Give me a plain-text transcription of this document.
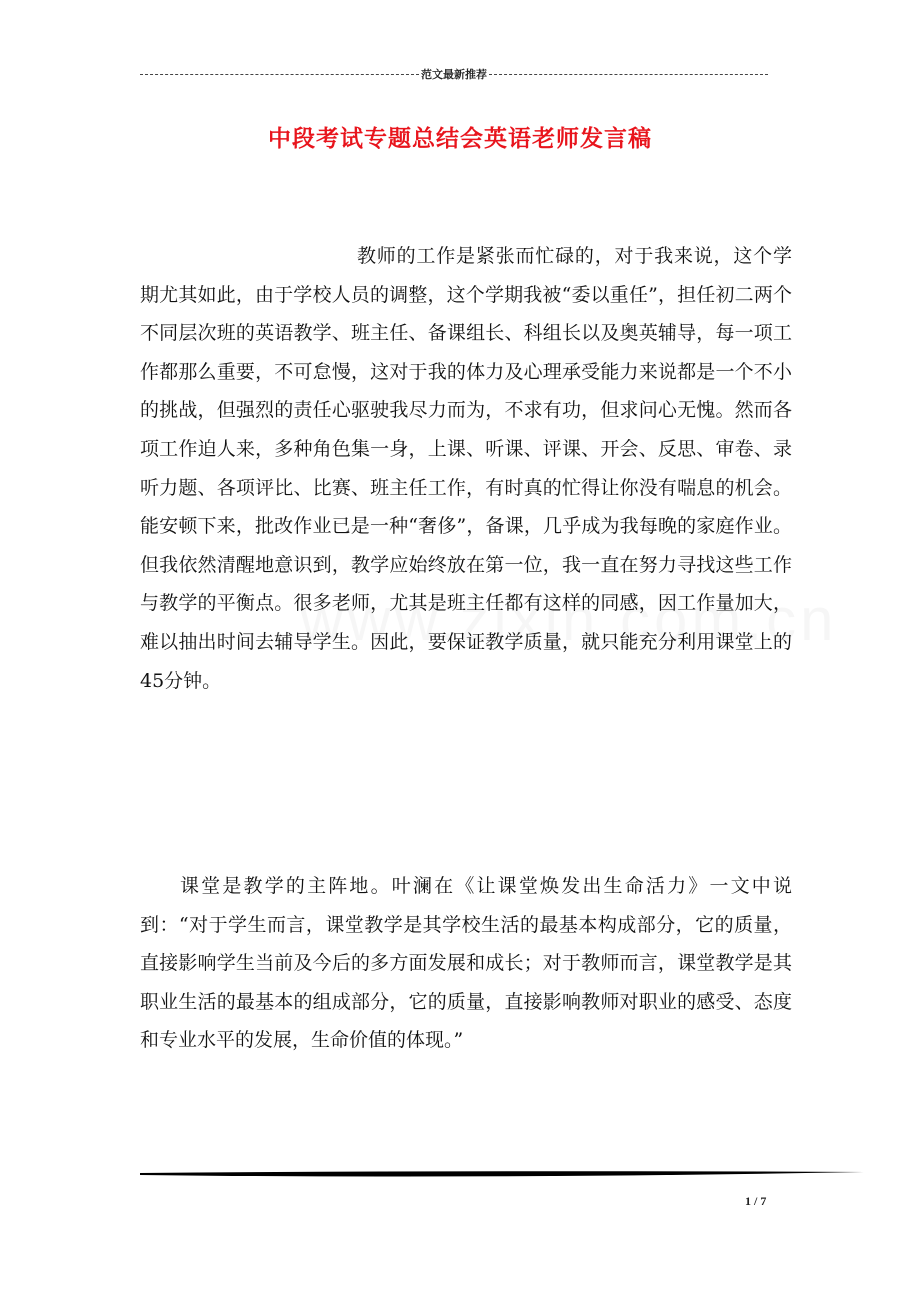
范文最新推荐
中段考试专题总结会英语老师发言稿
教师的工作是紧张而忙碌的，对于我来说，这个学期尤其如此，由于学校人员的调整，这个学期我被“委以重任”，担任初二两个不同层次班的英语教学、班主任、备课组长、科组长以及奥英辅导，每一项工作都那么重要，不可怠慢，这对于我的体力及心理承受能力来说都是一个不小的挑战，但强烈的责任心驱驶我尽力而为，不求有功，但求问心无愧。然而各项工作迫人来，多种角色集一身，上课、听课、评课、开会、反思、审卷、录听力题、各项评比、比赛、班主任工作，有时真的忙得让你没有喘息的机会。能安顿下来，批改作业已是一种“奢侈”，备课，几乎成为我每晚的家庭作业。但我依然清醒地意识到，教学应始终放在第一位，我一直在努力寻找这些工作与教学的平衡点。很多老师，尤其是班主任都有这样的同感，因工作量加大，难以抽出时间去辅导学生。因此，要保证教学质量，就只能充分利用课堂上的45分钟。
课堂是教学的主阵地。叶澜在《让课堂焕发出生命活力》一文中说到：“对于学生而言，课堂教学是其学校生活的最基本构成部分，它的质量，直接影响学生当前及今后的多方面发展和成长；对于教师而言，课堂教学是其职业生活的最基本的组成部分，它的质量，直接影响教师对职业的感受、态度和专业水平的发展，生命价值的体现。”
1 / 7
